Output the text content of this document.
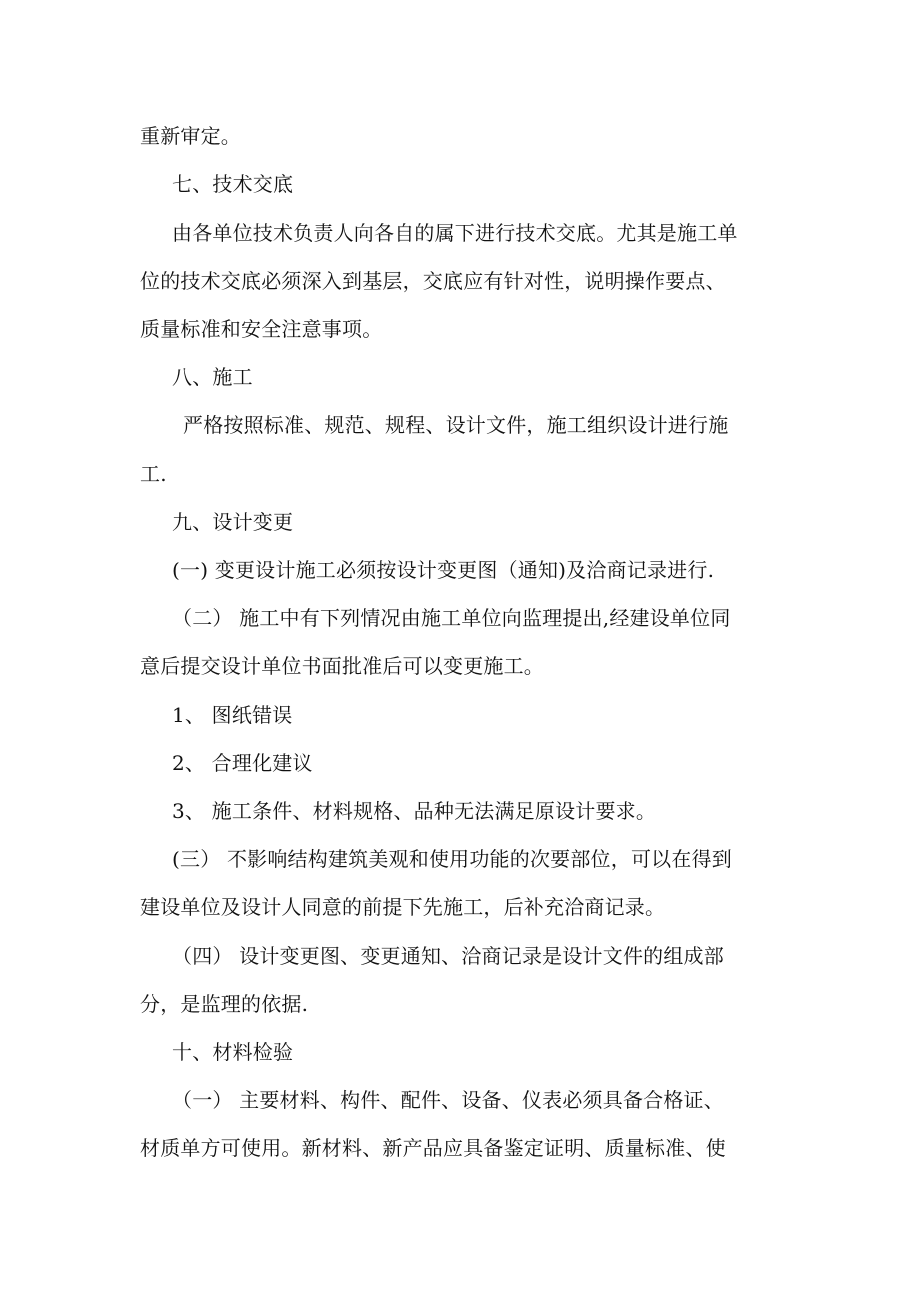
重新审定。
七、技术交底
由各单位技术负责人向各自的属下进行技术交底。尤其是施工单
位的技术交底必须深入到基层，交底应有针对性，说明操作要点、
质量标准和安全注意事项。
八、施工
严格按照标准、规范、规程、设计文件，施工组织设计进行施
工.
九、设计变更
(一) 变更设计施工必须按设计变更图（通知)及洽商记录进行.
（二） 施工中有下列情况由施工单位向监理提出,经建设单位同
意后提交设计单位书面批准后可以变更施工。
1、 图纸错误
2、 合理化建议
3、 施工条件、材料规格、品种无法满足原设计要求。
(三） 不影响结构建筑美观和使用功能的次要部位，可以在得到
建设单位及设计人同意的前提下先施工，后补充洽商记录。
（四） 设计变更图、变更通知、洽商记录是设计文件的组成部
分，是监理的依据.
十、材料检验
（一） 主要材料、构件、配件、设备、仪表必须具备合格证、
材质单方可使用。新材料、新产品应具备鉴定证明、质量标准、使
